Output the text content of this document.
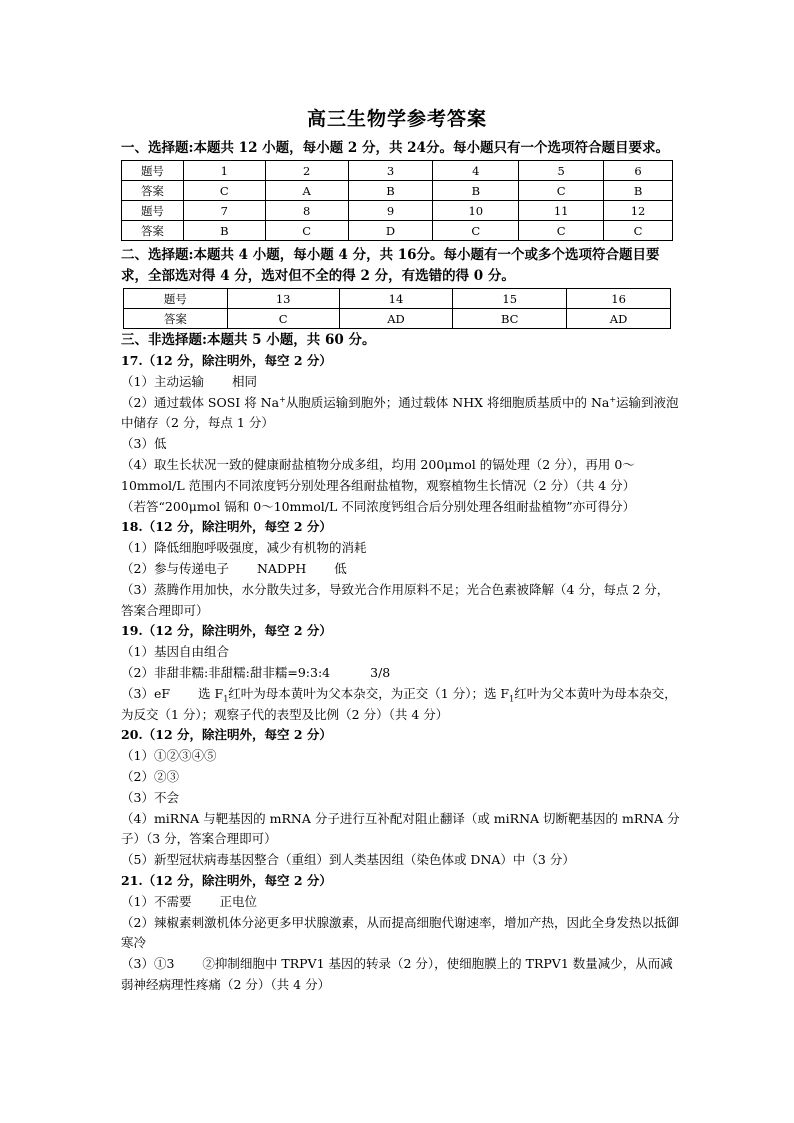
高三生物学参考答案
一、选择题:本题共 12 小题，每小题 2 分，共 24分。每小题只有一个选项符合题目要求。
题号	1	2	3	4	5	6
答案	C	A	B	B	C	B
题号	7	8	9	10	11	12
答案	B	C	D	C	C	C
二、选择题:本题共 4 小题，每小题 4 分，共 16分。每小题有一个或多个选项符合题目要
求，全部选对得 4 分，选对但不全的得 2 分，有选错的得 0 分。
题号	13	14	15	16
答案	C	AD	BC	AD
三、非选择题:本题共 5 小题，共 60 分。

17.（12 分，除注明外，每空 2 分）

（1）主动运输 相同

（2）通过载体 SOSI 将 Na+从胞质运输到胞外；通过载体 NHX 将细胞质基质中的 Na+运输到液泡中储存（2 分，每点 1 分）

（3）低

（4）取生长状况一致的健康耐盐植物分成多组，均用 200μmol 的镉处理（2 分），再用 0～10mmol/L 范围内不同浓度钙分别处理各组耐盐植物，观察植物生长情况（2 分）（共 4 分）

（若答“200μmol 镉和 0～10mmol/L 不同浓度钙组合后分别处理各组耐盐植物”亦可得分）

18.（12 分，除注明外，每空 2 分）

（1）降低细胞呼吸强度，减少有机物的消耗

（2）参与传递电子 NADPH 低

（3）蒸腾作用加快，水分散失过多，导致光合作用原料不足；光合色素被降解（4 分，每点 2 分，答案合理即可）

19.（12 分，除注明外，每空 2 分）

（1）基因自由组合

（2）非甜非糯:非甜糯:甜非糯=9:3:4	3/8

（3）eF 选 $F_1$红叶为母本黄叶为父本杂交，为正交（1 分）；选 $F_1$红叶为父本黄叶为母本杂交，为反交（1 分）；观察子代的表型及比例（2 分）（共 4 分）

20.（12 分，除注明外，每空 2 分）

（1）①②③④⑤

（2）②③

（3）不会

（4）miRNA 与靶基因的 mRNA 分子进行互补配对阻止翻译（或 miRNA 切断靶基因的 mRNA 分子）（3 分，答案合理即可）

（5）新型冠状病毒基因整合（重组）到人类基因组（染色体或 DNA）中（3 分）

21.（12 分，除注明外，每空 2 分）

（1）不需要 正电位

（2）辣椒素刺激机体分泌更多甲状腺激素，从而提高细胞代谢速率，增加产热，因此全身发热以抵御寒冷

（3）①3 ②抑制细胞中 TRPV1 基因的转录（2 分），使细胞膜上的 TRPV1 数量减少，从而减弱神经病理性疼痛（2 分）（共 4 分）
